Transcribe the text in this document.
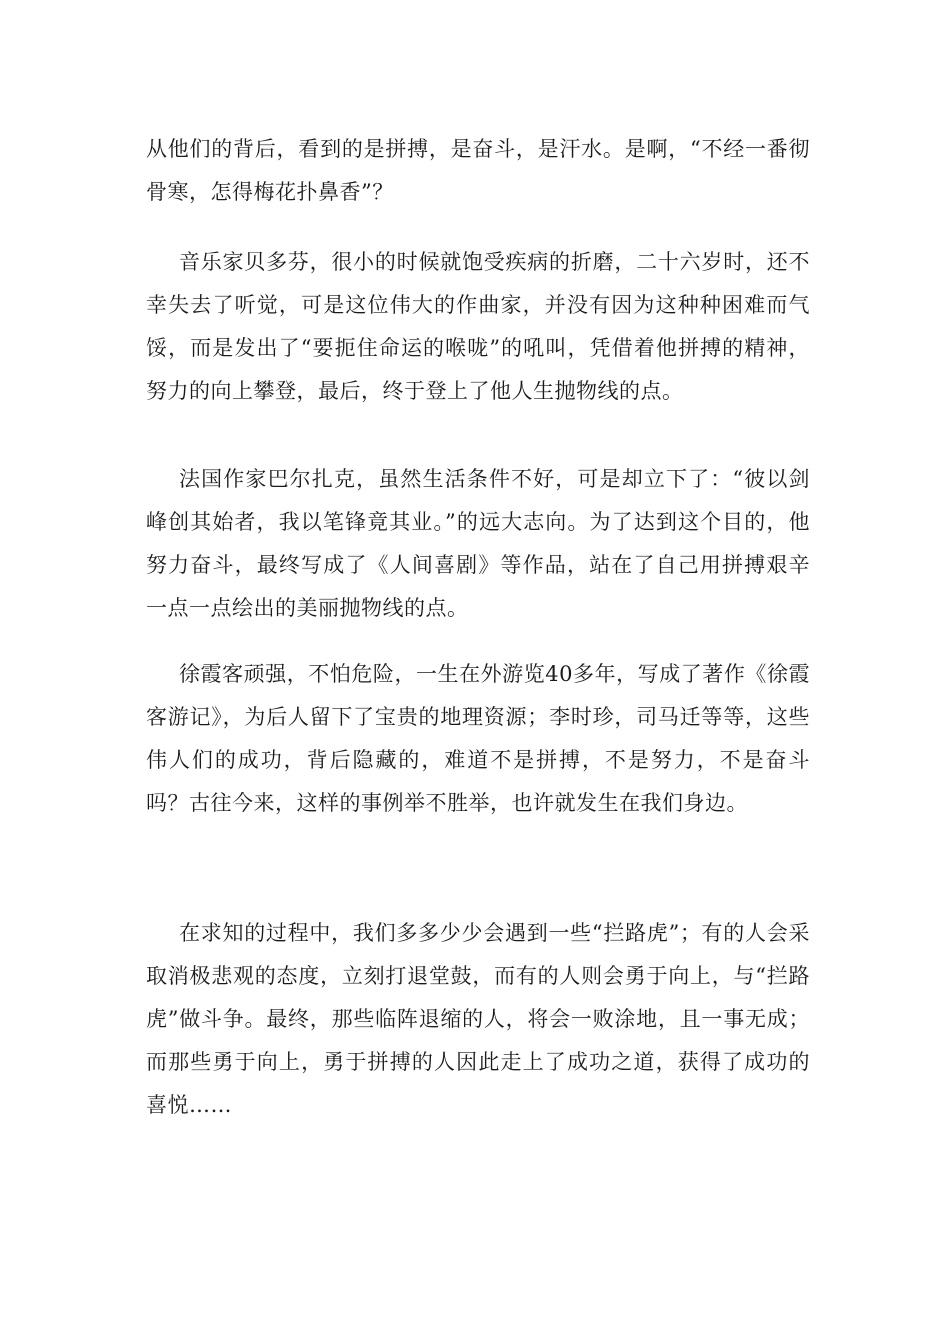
从他们的背后，看到的是拼搏，是奋斗，是汗水。是啊，“不经一番彻骨寒，怎得梅花扑鼻香”？

音乐家贝多芬，很小的时候就饱受疾病的折磨，二十六岁时，还不幸失去了听觉，可是这位伟大的作曲家，并没有因为这种种困难而气馁，而是发出了“要扼住命运的喉咙”的吼叫，凭借着他拼搏的精神，努力的向上攀登，最后，终于登上了他人生抛物线的点。

法国作家巴尔扎克，虽然生活条件不好，可是却立下了：“彼以剑峰创其始者，我以笔锋竟其业。”的远大志向。为了达到这个目的，他努力奋斗，最终写成了《人间喜剧》等作品，站在了自己用拼搏艰辛一点一点绘出的美丽抛物线的点。

徐霞客顽强，不怕危险，一生在外游览40多年，写成了著作《徐霞客游记》，为后人留下了宝贵的地理资源；李时珍，司马迁等等，这些伟人们的成功，背后隐藏的，难道不是拼搏，不是努力，不是奋斗吗？古往今来，这样的事例举不胜举，也许就发生在我们身边。

在求知的过程中，我们多多少少会遇到一些“拦路虎”；有的人会采取消极悲观的态度，立刻打退堂鼓，而有的人则会勇于向上，与“拦路虎”做斗争。最终，那些临阵退缩的人，将会一败涂地，且一事无成；而那些勇于向上，勇于拼搏的人因此走上了成功之道，获得了成功的喜悦……
